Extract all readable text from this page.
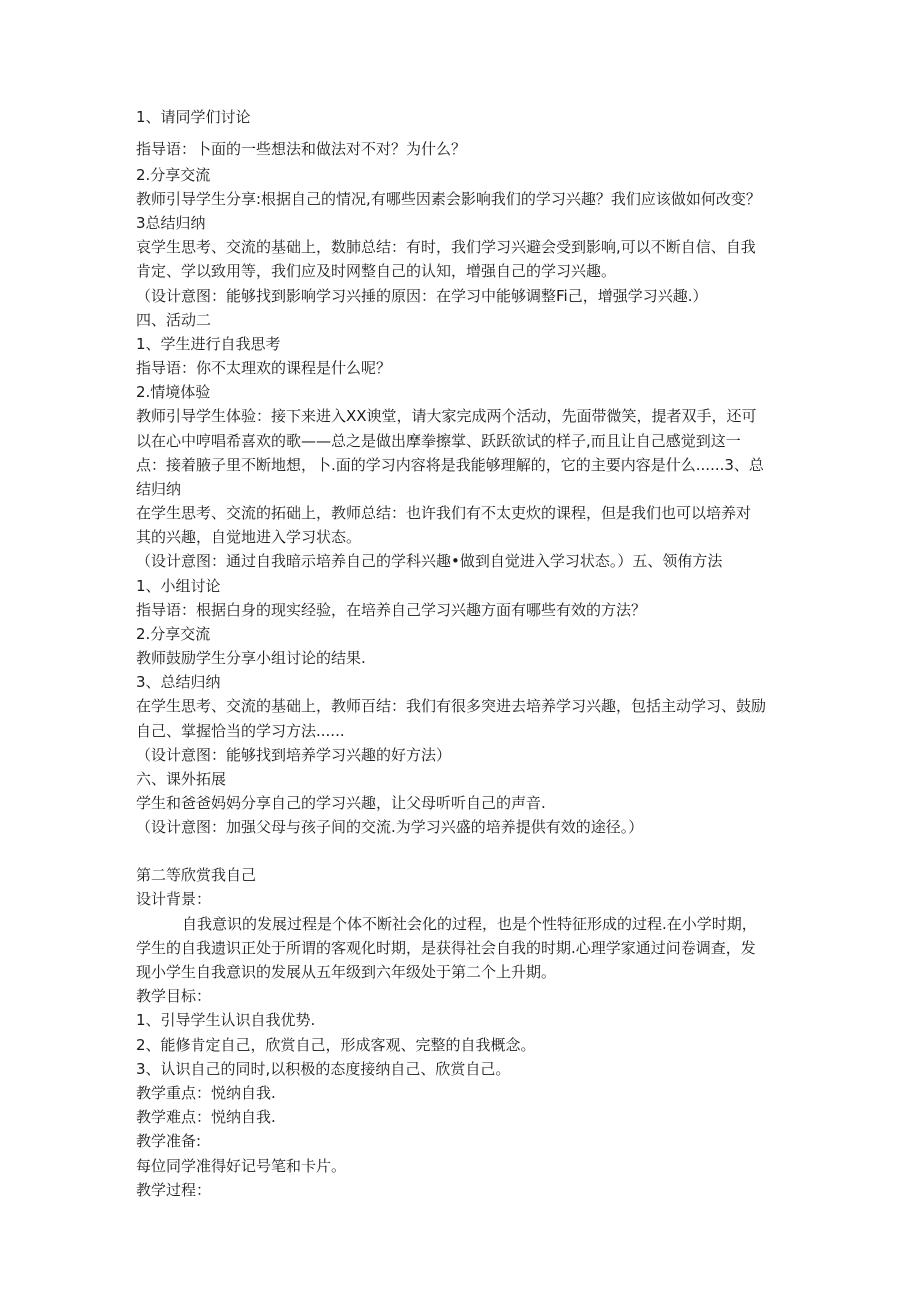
1、请同学们讨论
指导语：卜面的一些想法和做法对不对？为什么？
2.分享交流
教师引导学生分享:根据自己的情况,有哪些因素会影响我们的学习兴趣？我们应该做如何改变？
3总结归纳
哀学生思考、交流的基础上，数肺总结：有时，我们学习兴避会受到影响,可以不断自信、自我
肯定、学以致用等，我们应及时网整自己的认知，增强自己的学习兴趣。
（设计意图：能够找到影响学习兴捶的原因：在学习中能够调整Fi己，增强学习兴趣.）
四、活动二
1、学生进行自我思考
指导语：你不太理欢的课程是什么呢？
2.情境体验
教师引导学生体验：接下来进入XX谀堂，请大家完成两个活动，先面带微笑，提者双手，还可
以在心中哼唱希喜欢的歌——总之是做出摩拳擦掌、跃跃欲试的样子,而且让自己感觉到这一
点：接着腋子里不断地想，卜.面的学习内容将是我能够理解的，它的主要内容是什么......3、总
结归纳
在学生思考、交流的拓础上，教师总结：也许我们有不太吏炊的课程，但是我们也可以培养对
其的兴趣，自觉地进入学习状态。
（设计意图：通过自我暗示培养自己的学科兴趣•做到自觉进入学习状态。）五、领侑方法
1、小组讨论
指导语：根据白身的现实经验，在培养自己学习兴趣方面有哪些有效的方法？
2.分享交流
教师鼓励学生分享小组讨论的结果.
3、总结归纳
在学生思考、交流的基础上，教师百结：我们有很多突进去培养学习兴趣，包括主动学习、鼓励
自己、掌握恰当的学习方法......
（设计意图：能够找到培养学习兴趣的好方法）
六、课外拓展
学生和爸爸妈妈分享自己的学习兴趣，让父母听听自己的声音.
（设计意图：加强父母与孩子间的交流.为学习兴盛的培养提供有效的途径。）
第二等欣赏我自己
设计背景：
自我意识的发展过程是个体不断社会化的过程，也是个性特征形成的过程.在小学时期，
学生的自我遗识正处于所谓的客观化时期，是获得社会自我的时期.心理学家通过问卷调查，发
现小学生自我意识的发展从五年级到六年级处于第二个上升期。
教学目标：
1、引导学生认识自我优势.
2、能修肯定自己，欣赏自己，形成客观、完整的自我概念。
3、认识自己的同时,以积极的态度接纳自己、欣赏自己。
教学重点：悦纳自我.
教学难点：悦纳自我.
教学准备:
每位同学准得好记号笔和卡片。
教学过程：
